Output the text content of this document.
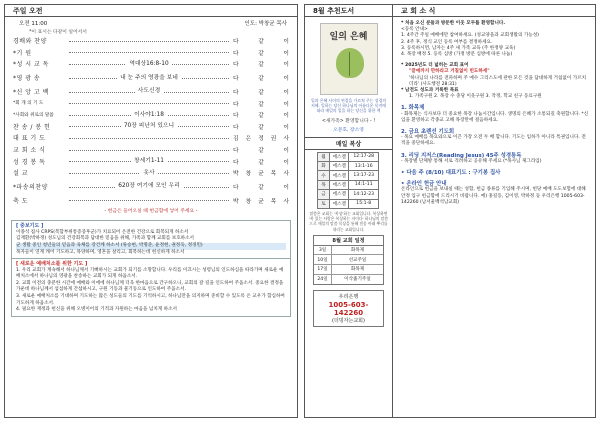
주일 오전
오전 11:00	인도: 박창균 목사
*이 표시는 다같이 일어서서
경배와 찬양	다 같 이
*기 원	다 같 이
*성 시 교 독	역대상16:8-10	다 같 이
*영 광 송	내 눈 주의 영광을 보네	다 같 이
*신 앙 고 백	사도신경	다 같 이
*회 개 의 기 도	다 같 이
*사회와 위로의 말씀	이사야1:18	다 같 이
찬 송 / 봉 헌	70장 피난처 있으니	다 같 이
대 표 기 도	김 은 정 권 사
교 회 소 식	다 같 이
성 경 봉 독	창세기1-11	다 같 이
설 교	옷사	박 창 균 목 사
*파송의찬양	620장 여기에 모인 우리	다 같 이
축 도	박 창 균 목 사
- 헌금은 들어오실 때 헌금함에 넣어 주세요 -
[ 중보기도 ]
이종석 집사 CRPS(복합부위통증증후군)가 치료되어 온전한 건강으로 회복되게 하소서
김재환(박하정) 성도님의 건강회복과 담대한 믿음을 위해, 가족과 함께 교회를 보호하소서
군 생활 중인 청년들의 믿음과 육체를 강건케 하소서 (류승현, 박명준, 윤정현, 권정욱, 정경민)
목자들이 연계 캐어 기도하고, 목양하며, 영혼을 살리고, 회복하는데 헌신하게 하소서
[ 새로운 예배처소를 위한 기도 ]
1. 우리 교회가 계속해서 하나님께서 기뻐하시는 교회가 되기를 소망합니다. 우리를 이끄시는 성령님의 인도하심을 따라가며 새로운 예배처소에서 하나님의 영광을 찬송하는 교회가 되게 하옵소서.
2. 교회 이전의 충분한 시간에 예배와 이에에 하나님께 더욱 한마음으로 간구하오니, 교회의 갈 길을 인도하여 주옵소서. 중요한 결정을 가운데 하나님께서 섬섬하게 간섭하시고, 구원 기동과 물기동으로 인도하여 주옵소서.
3. 새로운 예배처소를 기대하며 기도하는 많은 성도들의 기도를 기억하시고, 하나님만을 의지하며 준비할 수 있도록 온 교우가 합심하여 기도하게 하옵소서.
4. 필요한 재정과 헌신을 위해 오병이어의 기적과 자원하는 마음을 넘치게 하소서
8월 추천도서
일의 은혜
일과 은혜 사이의 연결을 가르쳐 주는 성경의 지혜. 일하는 당신 하나님의 아름다운 목적에 따라 매일의 일을 하는 당신을 위한 책
<새가족> 환영합니다 - !
오문호, 장소영
매일 복상
월	에스겔	12:17-28
화	에스겔	13:1-16
수	에스겔	13:17-23
목	에스겔	14:1-11
금	에스겔	14:12-23
토	에스겔	15:1-8
말씀은 교회는 '복상'하는 교회입니다. 복상하면 '복 있는 사람은 복상하는 자이다' 하나님의 말씀으로 매일의 말씀 묵상을 통해 믿음 아래 뿌리를 내리는 교회입니다.
8월 교회 일정
3일	화목제
10일	선교주일
17일	화목제
24일	이삭줍기주일
우리은행
1005-603-142260
(더빙자는교회)
교 회 소 식
* 처음 오신 분들과 방문한 이웃 모두를 환영합니다.
<등록 안내>
1. 4주간 주일 예배에만 참여하세요. (성교양을과 교회생활의 가능성)
2. 4주 후, 정식 교인 등록 여부를 결정하세요.
3. 등록하시면, 남자는 4주 새 가족 교육 (주 한정양 교육)
4. 목장 배정 5. 등록 심방 (가정 방문 심방에 따른 나눔)
* 2025년도 더 넓히는 교회 표어
"끝에까지 만하라고 거칠없이 빈도하세"
'하나님의 나라를 전파하며 주 예수 그리스도에 관한 모든 것을 담대하게 거침없이 가르치더라' (사도행전 28:31)
* 남전도 성도과 거룩한 목표
1. 가족구원 2. 목장 수 충당 이웃구원 3. 작정, 학교 친구 동료구원
1. 화목제
- 화목제는 식사보다 더 중요한 목장 나눔시간입니다. 생명의 은혜가 소통되길 축원합니다. *신입을 환영하고 각종교 고해 목장만에 걸음하세요.
2. 금요 초렌선 기도회
- 목요 예배를 목요와으로 이끈 가장 오전 두 배 합니다. 기도는 임하가 아니라 특권입니다. 전적을 중단하세요.
3. 리딩 지저스(Reading Jesus) 45주 성경통독
- 목장별 단체방 통해 서로 격려하고 공유해 주세요 (*목사님 제그라입)
• 다음 주 (8/10) 대표기도 : 구기봉 집사
• 온라인 헌금 안내
온라인으로 헌금을 보내실 때는 성함, 헌금 종류를 기입해 주시며, 헌당 예배 도도보험에 대해 안정 입구 헌금함에 드리시기 바랍니다. 예) 홍길동, 김이영, 박하정 등 우리은행 1005-603-142260 (남서울백석남교회)
